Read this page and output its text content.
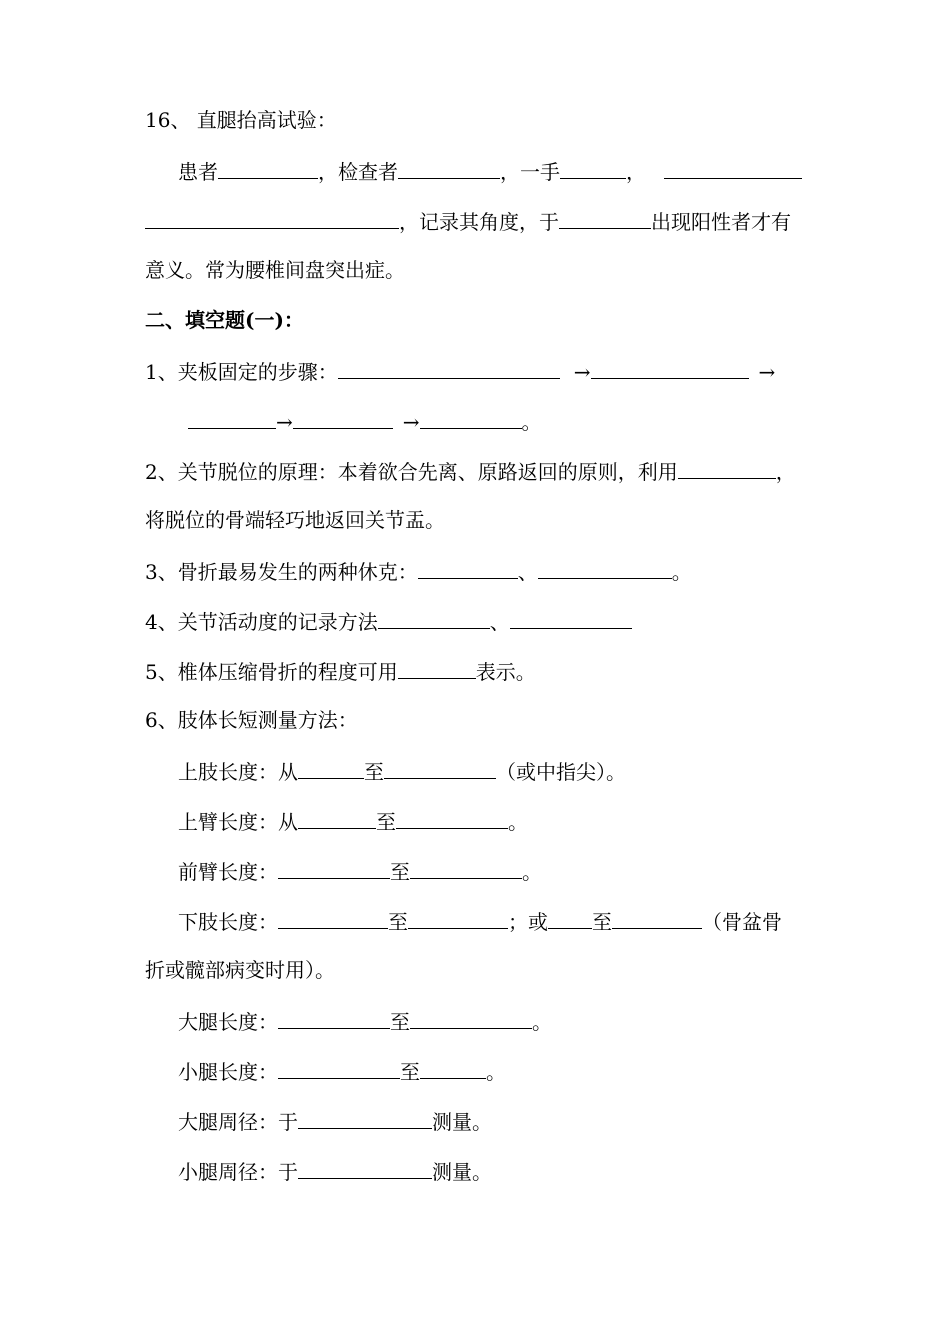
16、 直腿抬高试验：
患者	，检查者	，一手	，
，记录其角度，于	出现阳性者才有
意义。常为腰椎间盘突出症。
二、填空题(一)：
1、夹板固定的步骤：	→	→
→	→	。
2、关节脱位的原理：本着欲合先离、原路返回的原则，利用	，
将脱位的骨端轻巧地返回关节盂。
3、骨折最易发生的两种休克：	、	。
4、关节活动度的记录方法	、
5、椎体压缩骨折的程度可用	表示。
6、肢体长短测量方法：
上肢长度：从	至	（或中指尖）。
上臂长度：从	至	。
前臂长度：	至	。
下肢长度：	至	；或 至	（骨盆骨
折或髋部病变时用）。
大腿长度：	至	。
小腿长度：	至	。
大腿周径：于	测量。
小腿周径：于	测量。
